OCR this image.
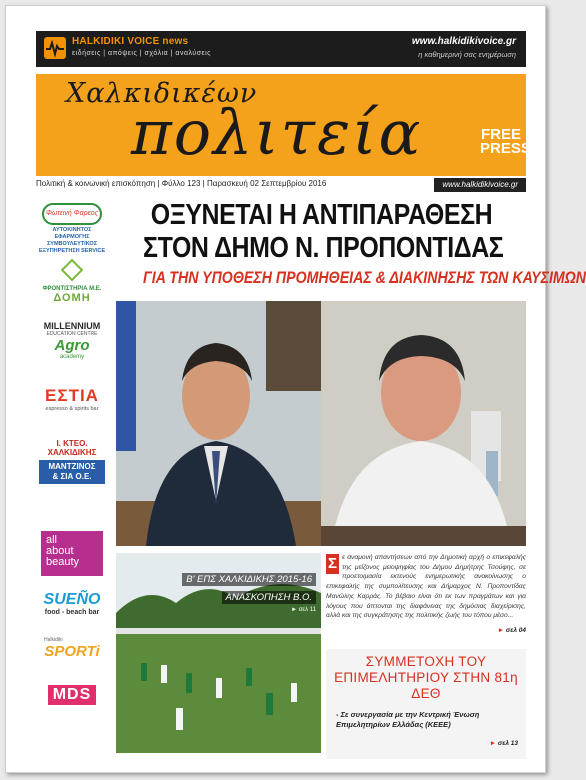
HALKIDIKI VOICE news
ειδήσεις | απόψεις | σχόλια | αναλύσεις
www.halkidikivoice.gr
η καθημερινή σας ενημέρωση
Χαλκιδικέων
πολιτεία	FREE
PRESS
Πολιτική & κοινωνική επισκόπηση | Φύλλο 123 | Παρασκευή 02 Σεπτεμβρίου 2016	www.halkidikivoice.gr
Φωτεινή Φάρεος
ΑΥΤΟΚΙΝΗΤΟΣ ΕΦΑΡΜΟΓΗΣ ΣΥΜΒΟΥΛΕΥΤΙΚΟΣ ΕΞΥΠΗΡΕΤΗΣΗ SERVICE
ΦΡΟΝΤΙΣΤΗΡΙΑ Μ.Ε.
ΔΟΜΗ
MILLENNIUM
EDUCATION CENTRE
Agro
academy
ΕΣΤΙΑ
espresso & spirits bar
Ι. ΚΤΕΟ.
ΧΑΛΚΙΔΙΚΗΣ
ΜΑΝΤΖΙΝΟΣ
& ΣΙΑ Ο.Ε.
all
about
beauty
SUEÑO
food - beach bar
Halkidiki
SPORTi
MDS
ΟΞΥΝΕΤΑΙ Η ΑΝΤΙΠΑΡΑΘΕΣΗ
ΣΤΟΝ ΔΗΜΟ Ν. ΠΡΟΠΟΝΤΙΔΑΣ
ΓΙΑ ΤΗΝ ΥΠΟΘΕΣΗ ΠΡΟΜΗΘΕΙΑΣ & ΔΙΑΚΙΝΗΣΗΣ ΤΩΝ ΚΑΥΣΙΜΩΝ
Β' ΕΠΣ ΧΑΛΚΙΔΙΚΗΣ 2015-16
ΑΝΑΣΚΟΠΗΣΗ Β.Ο.
► σελ 11
Σ ε αναμονή απαντήσεων από την Δημοτική αρχή ο επικεφαλής της μείζονος μειοψηφίας του Δήμου Δημήτρης Τσούφης, σε προετοιμασία εκτενούς ενημερωτικής ανακοίνωσης ο επικεφαλής της συμπολίτευσης και Δήμαρχος Ν. Προποντίδας Μανώλης Καρράς. Το βέβαιο είναι ότι εκ των πραγμάτων και για λόγους που άπτονται της διαφάνειας της δημόσιας διαχείρισης, αλλά και της συγκράτησης της πολιτικής ζωής του τόπου μέσο...
► σελ 04
ΣΥΜΜΕΤΟΧΗ ΤΟΥ ΕΠΙΜΕΛΗΤΗΡΙΟΥ ΣΤΗΝ 81η ΔΕΘ
- Σε συνεργασία με την Κεντρική Ένωση Επιμελητηρίων Ελλάδας (ΚΕΕΕ)
► σελ 13
